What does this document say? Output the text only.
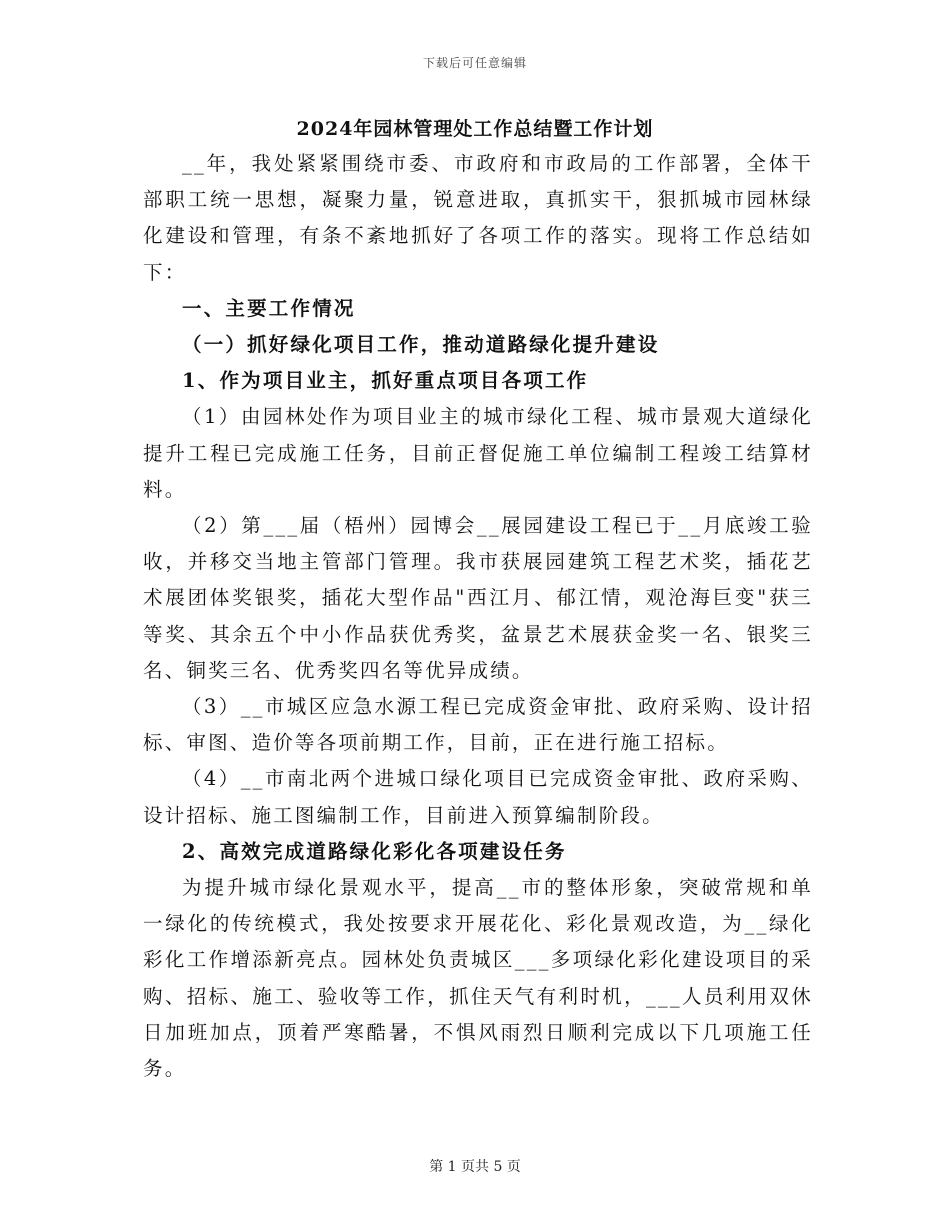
下载后可任意编辑
2024年园林管理处工作总结暨工作计划

__年，我处紧紧围绕市委、市政府和市政局的工作部署，全体干部职工统一思想，凝聚力量，锐意进取，真抓实干，狠抓城市园林绿化建设和管理，有条不紊地抓好了各项工作的落实。现将工作总结如下：

一、主要工作情况

（一）抓好绿化项目工作，推动道路绿化提升建设

1、作为项目业主，抓好重点项目各项工作

（1）由园林处作为项目业主的城市绿化工程、城市景观大道绿化提升工程已完成施工任务，目前正督促施工单位编制工程竣工结算材料。

（2）第___届（梧州）园博会__展园建设工程已于__月底竣工验收，并移交当地主管部门管理。我市获展园建筑工程艺术奖，插花艺术展团体奖银奖，插花大型作品"西江月、郁江情，观沧海巨变"获三等奖、其余五个中小作品获优秀奖，盆景艺术展获金奖一名、银奖三名、铜奖三名、优秀奖四名等优异成绩。

（3）__市城区应急水源工程已完成资金审批、政府采购、设计招标、审图、造价等各项前期工作，目前，正在进行施工招标。

（4）__市南北两个进城口绿化项目已完成资金审批、政府采购、设计招标、施工图编制工作，目前进入预算编制阶段。

2、高效完成道路绿化彩化各项建设任务

为提升城市绿化景观水平，提高__市的整体形象，突破常规和单一绿化的传统模式，我处按要求开展花化、彩化景观改造，为__绿化彩化工作增添新亮点。园林处负责城区___多项绿化彩化建设项目的采购、招标、施工、验收等工作，抓住天气有利时机，___人员利用双休日加班加点，顶着严寒酷暑，不惧风雨烈日顺利完成以下几项施工任务。

第 1 页共 5 页
